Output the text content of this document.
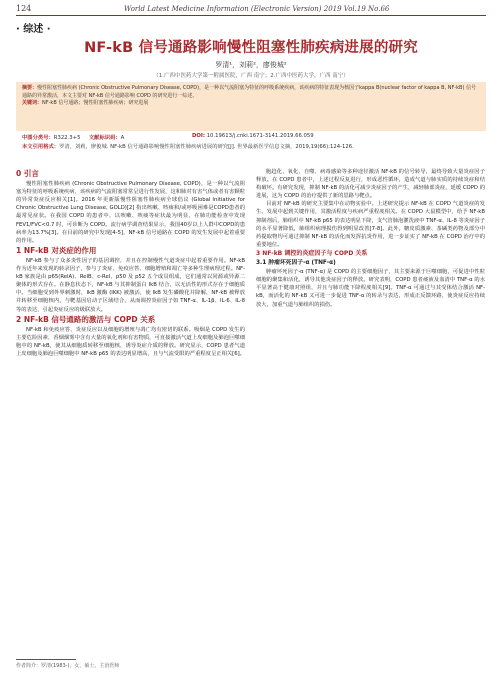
124	World Latest Medicine Information (Electronic Version) 2019 Vol.19 No.66
· 综述 ·
NF-kB 信号通路影响慢性阻塞性肺疾病进展的研究
罗清¹，刘莉²，廖俊城²
（1.广西中医药大学第一附属医院，广西 南宁；2.广西中医药大学，广西 南宁）
摘要：慢性阻塞性肺疾病 (Chronic Obstructive Pulmonary Disease, COPD)，是一种以气流阻塞为特征的呼吸系统疾病，该疾病的特征表现为核因子kappa B(nuclear factor of kappa B, NF-kB) 信号通路的异常激活，本文主要对 NF-kB 信号通路影响 COPD 的研究进行一综述。
关键词：NF-kB 信号通路；慢性阻塞性肺疾病；研究进展
中图分类号：R322.3+5 文献标识码：A	DOI: 10.19613/j.cnki.1671-3141.2019.66.059
本文引用格式：罗清，刘莉，廖俊城. NF-kB 信号通路影响慢性阻塞性肺疾病进展的研究[J]. 世界最新医学信息文摘，2019,19(66):124-126.
0 引言

慢性阻塞性肺疾病 (Chronic Obstructive Pulmonary Disease, COPD)，是一种以气流阻塞为特征的呼吸系统疾病，该疾病的气流阻塞常常呈进行性发展，这和肺对有害气体或者有害颗粒的异常炎症反应相关[1]。2016 年更新版慢性阻塞性肺疾病全球倡议 (Global Initiative for Chronic Obstructive Lung Disease, GOLD)[2] 指出咳嗽、咳痰和/或呼吸困难是COPD患者的最常见症状。在我国 COPD 的患者中，以咳嗽、咳痰等症状最为明显，在肺功能检查中发现 FEV1/FVC<0.7 时，可诊断为 COPD。流行病学调查结果显示，我国40岁以上人群中COPD的患病率为13.7%[3]。在目前的研究中发现[4-5]，NF-kB 信号通路在 COPD 的发生发展中起着重要的作用。

1 NF-kB 对炎症的作用

NF-kB 参与了众多炎性因子的基因调控，并且在控制慢性气道炎症中起着重要作用。NF-kB 作为近年来发现的转录因子，参与了炎症、免疫应答、细胞增殖和凋亡等多种生理病理过程。NF-kB 家族是由 p65(RelA)、RelB、c-Rel、p50 及 p52 五个成员组成，它们通常以同源或异源二聚体的形式存在。在静息状态下，NF-kB 与其抑制蛋白 IkB 结合，以无活性的形式存在于细胞质中。当细胞受到外界刺激时，IkB 激酶 (IKK) 被激活，使 IkB 发生磷酸化并降解，NF-kB 被释放并转移至细胞核内，与靶基因启动子区域结合，从而调控炎症因子如 TNF-α、IL-1β、IL-6、IL-8 等的表达，引起炎症反应的级联放大。

2 NF-kB 信号通路的激活与 COPD 关系

NF-kB 和免疫应答、炎症反应以及细胞的增殖与凋亡均有密切的联系。吸烟是 COPD 发生的主要危险因素，香烟烟雾中含有大量的氧化剂和有害物质，可直接激活气道上皮细胞及肺泡巨噬细胞中的 NF-kB，使其从细胞质转移至细胞核，诱导炎症介质的释放。研究显示，COPD 患者气道上皮细胞及肺泡巨噬细胞中 NF-kB p65 的表达明显增高，且与气流受限的严重程度呈正相关[6]。

胞趋化、氧化、自噬、病毒感染等多种途径激活 NF-kB 的信号转导，最终导致大量炎症因子释放。在 COPD 患者中，上述过程反复进行，形成恶性循环，造成气道与肺实质的持续炎症和结构破坏。有研究发现，抑制 NF-kB 的活化可减少炎症因子的产生，减轻肺部炎症，延缓 COPD 的进展，这为 COPD 的治疗提供了新的思路与靶点。

目前对 NF-kB 的研究主要集中在动物实验中。上述研究提示 NF-kB 在 COPD 气道炎症的发生、发展中起到关键作用，其激活程度与疾病严重程度相关。在 COPD 大鼠模型中，给予 NF-kB 抑制剂后，肺组织中 NF-kB p65 的表达明显下降，支气管肺泡灌洗液中 TNF-α、IL-8 等炎症因子的水平显著降低，肺组织病理损伤得到明显改善[7-8]。此外，糖皮质激素、茶碱类药物及部分中药提取物均可通过抑制 NF-kB 的活化而发挥抗炎作用，进一步证实了 NF-kB 在 COPD 治疗中的重要地位。

3 NF-kB 调控的炎症因子与 COPD 关系
3.1 肿瘤坏死因子-α (TNF-α)

肿瘤坏死因子-α (TNF-α) 是 COPD 的主要细胞因子，其主要来源于巨噬细胞，可促进中性粒细胞的聚集和活化，诱导其他炎症因子的释放。研究表明，COPD 患者痰液及血清中 TNF-α 的水平显著高于健康对照组，并且与肺功能下降程度相关[9]。TNF-α 可通过与其受体结合激活 NF-kB，而活化的 NF-kB 又可进一步促进 TNF-α 的转录与表达，形成正反馈环路，使炎症反应持续放大，加重气道与肺组织的损伤。

作者简介：罗清(1983-)，女，硕士，主治医师
